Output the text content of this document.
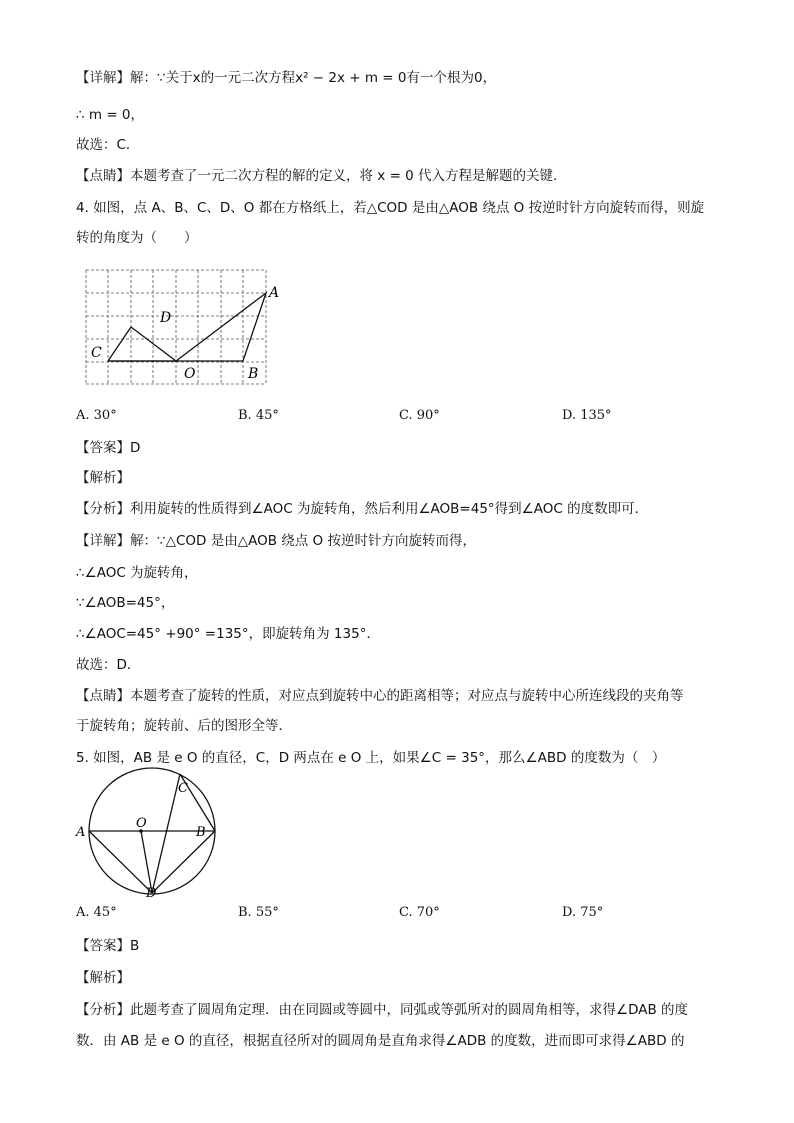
【详解】解：∵关于x的一元二次方程x² − 2x + m = 0有一个根为0，
∴ m = 0，
故选：C．
【点睛】本题考查了一元二次方程的解的定义，将 x = 0 代入方程是解题的关键．
4. 如图，点 A、B、C、D、O 都在方格纸上，若△COD 是由△AOB 绕点 O 按逆时针方向旋转而得，则旋
转的角度为（　　）
A
B
C
D
O
A. 30°	B. 45°	C. 90°	D. 135°
【答案】D
【解析】
【分析】利用旋转的性质得到∠AOC 为旋转角，然后利用∠AOB=45°得到∠AOC 的度数即可．
【详解】解：∵△COD 是由△AOB 绕点 O 按逆时针方向旋转而得，
∴∠AOC 为旋转角，
∵∠AOB=45°，
∴∠AOC=45° +90° =135°，即旋转角为 135°．
故选：D．
【点睛】本题考查了旋转的性质，对应点到旋转中心的距离相等；对应点与旋转中心所连线段的夹角等
于旋转角；旋转前、后的图形全等．
5. 如图，AB 是 e O 的直径，C，D 两点在 e O 上，如果∠C = 35°，那么∠ABD 的度数为（　）
A	B
C
D
O
A. 45°	B. 55°	C. 70°	D. 75°
【答案】B
【解析】
【分析】此题考查了圆周角定理．由在同圆或等圆中，同弧或等弧所对的圆周角相等，求得∠DAB 的度
数．由 AB 是 e O 的直径，根据直径所对的圆周角是直角求得∠ADB 的度数，进而即可求得∠ABD 的
